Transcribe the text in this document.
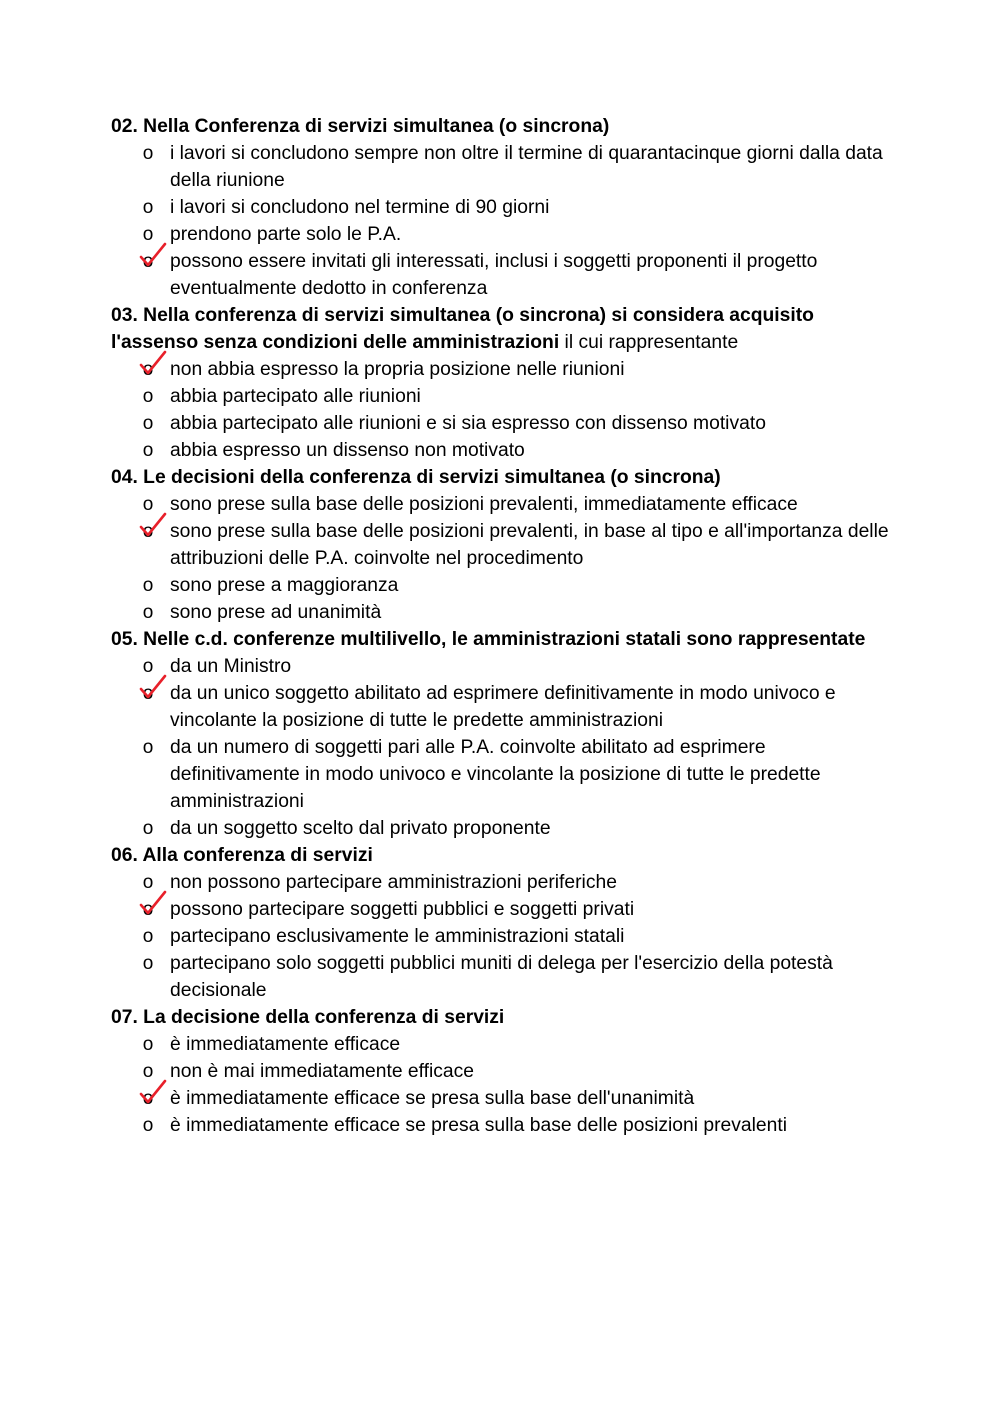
02. Nella Conferenza di servizi simultanea (o sincrona)
o i lavori si concludono sempre non oltre il termine di quarantacinque giorni dalla data della riunione
o i lavori si concludono nel termine di 90 giorni
o prendono parte solo le P.A.
o possono essere invitati gli interessati, inclusi i soggetti proponenti il progetto eventualmente dedotto in conferenza
03. Nella conferenza di servizi simultanea (o sincrona) si considera acquisito l'assenso senza condizioni delle amministrazioni il cui rappresentante
o non abbia espresso la propria posizione nelle riunioni
o abbia partecipato alle riunioni
o abbia partecipato alle riunioni e si sia espresso con dissenso motivato
o abbia espresso un dissenso non motivato
04. Le decisioni della conferenza di servizi simultanea (o sincrona)
o sono prese sulla base delle posizioni prevalenti, immediatamente efficace
o sono prese sulla base delle posizioni prevalenti, in base al tipo e all'importanza delle attribuzioni delle P.A. coinvolte nel procedimento
o sono prese a maggioranza
o sono prese ad unanimità
05. Nelle c.d. conferenze multilivello, le amministrazioni statali sono rappresentate
o da un Ministro
o da un unico soggetto abilitato ad esprimere definitivamente in modo univoco e vincolante la posizione di tutte le predette amministrazioni
o da un numero di soggetti pari alle P.A. coinvolte abilitato ad esprimere definitivamente in modo univoco e vincolante la posizione di tutte le predette amministrazioni
o da un soggetto scelto dal privato proponente
06. Alla conferenza di servizi
o non possono partecipare amministrazioni periferiche
o possono partecipare soggetti pubblici e soggetti privati
o partecipano esclusivamente le amministrazioni statali
o partecipano solo soggetti pubblici muniti di delega per l'esercizio della potestà decisionale
07. La decisione della conferenza di servizi
o è immediatamente efficace
o non è mai immediatamente efficace
o è immediatamente efficace se presa sulla base dell'unanimità
o è immediatamente efficace se presa sulla base delle posizioni prevalenti
